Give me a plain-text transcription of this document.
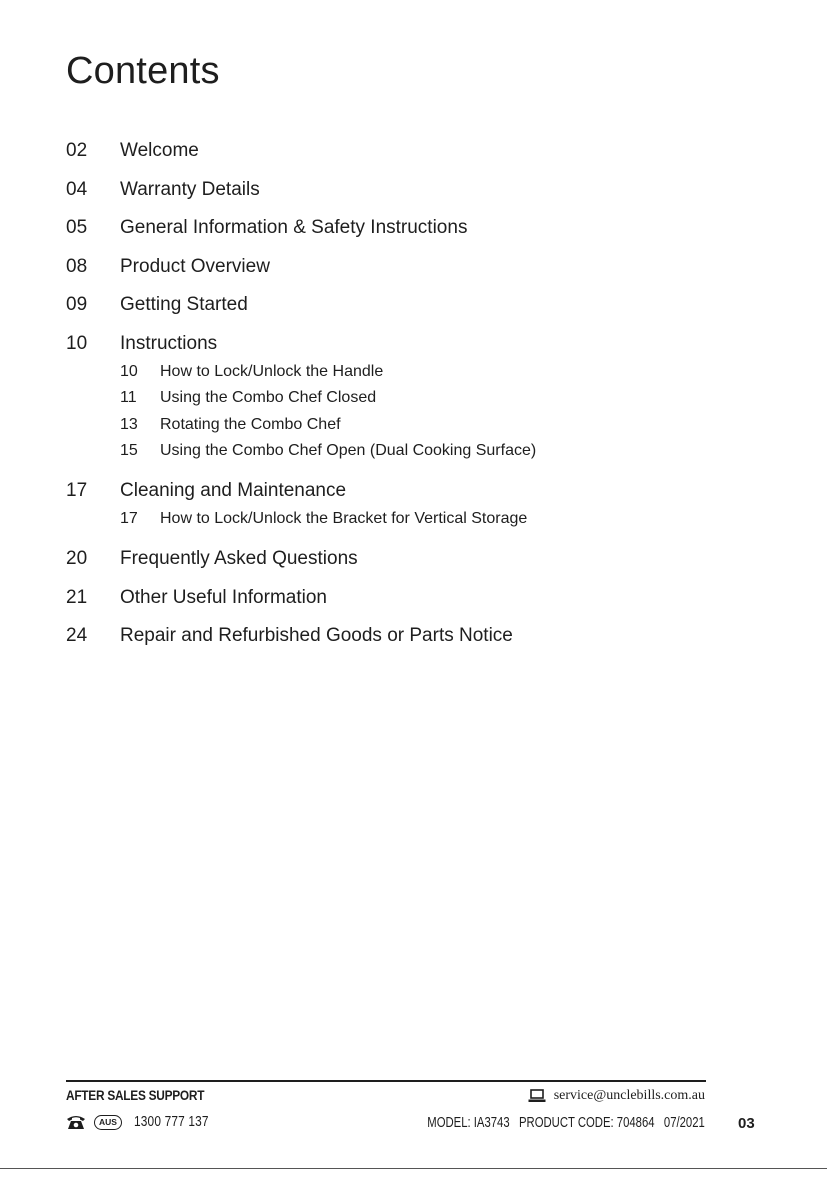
Contents
02	Welcome
04	Warranty Details
05	General Information & Safety Instructions
08	Product Overview
09	Getting Started
10	Instructions
10	How to Lock/Unlock the Handle
11	Using the Combo Chef Closed
13	Rotating the Combo Chef
15	Using the Combo Chef Open (Dual Cooking Surface)
17	Cleaning and Maintenance
17	How to Lock/Unlock the Bracket for Vertical Storage
20	Frequently Asked Questions
21	Other Useful Information
24	Repair and Refurbished Goods or Parts Notice
AFTER SALES SUPPORT
AUS	1300 777 137
service@unclebills.com.au
MODEL: IA3743 PRODUCT CODE: 704864 07/2021 03
